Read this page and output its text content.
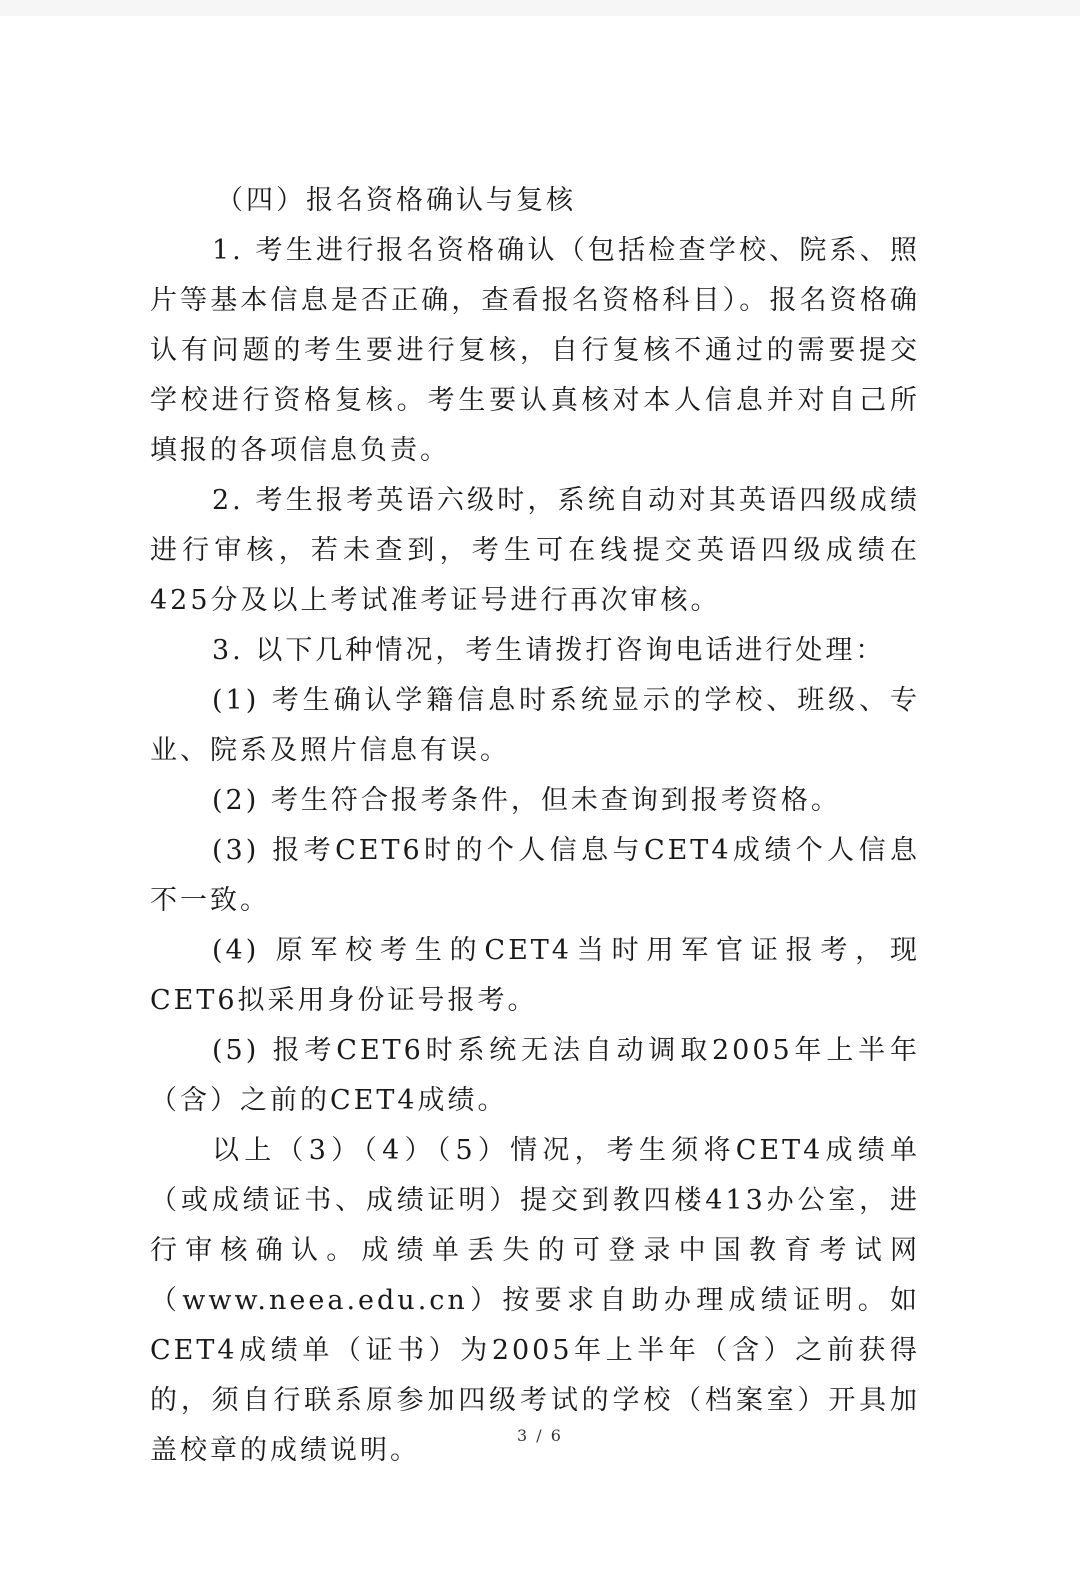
（四）报名资格确认与复核

1. 考生进行报名资格确认（包括检查学校、院系、照片等基本信息是否正确，查看报名资格科目）。报名资格确认有问题的考生要进行复核，自行复核不通过的需要提交学校进行资格复核。考生要认真核对本人信息并对自己所填报的各项信息负责。

2. 考生报考英语六级时，系统自动对其英语四级成绩进行审核，若未查到，考生可在线提交英语四级成绩在425分及以上考试准考证号进行再次审核。

3. 以下几种情况，考生请拨打咨询电话进行处理：

(1) 考生确认学籍信息时系统显示的学校、班级、专业、院系及照片信息有误。

(2) 考生符合报考条件，但未查询到报考资格。

(3) 报考CET6时的个人信息与CET4成绩个人信息不一致。

(4) 原军校考生的CET4当时用军官证报考，现CET6拟采用身份证号报考。

(5) 报考CET6时系统无法自动调取2005年上半年（含）之前的CET4成绩。

以上（3）（4）（5）情况，考生须将CET4成绩单（或成绩证书、成绩证明）提交到教四楼413办公室，进行审核确认。成绩单丢失的可登录中国教育考试网（www.neea.edu.cn）按要求自助办理成绩证明。如CET4成绩单（证书）为2005年上半年（含）之前获得的，须自行联系原参加四级考试的学校（档案室）开具加盖校章的成绩说明。	3 / 6
